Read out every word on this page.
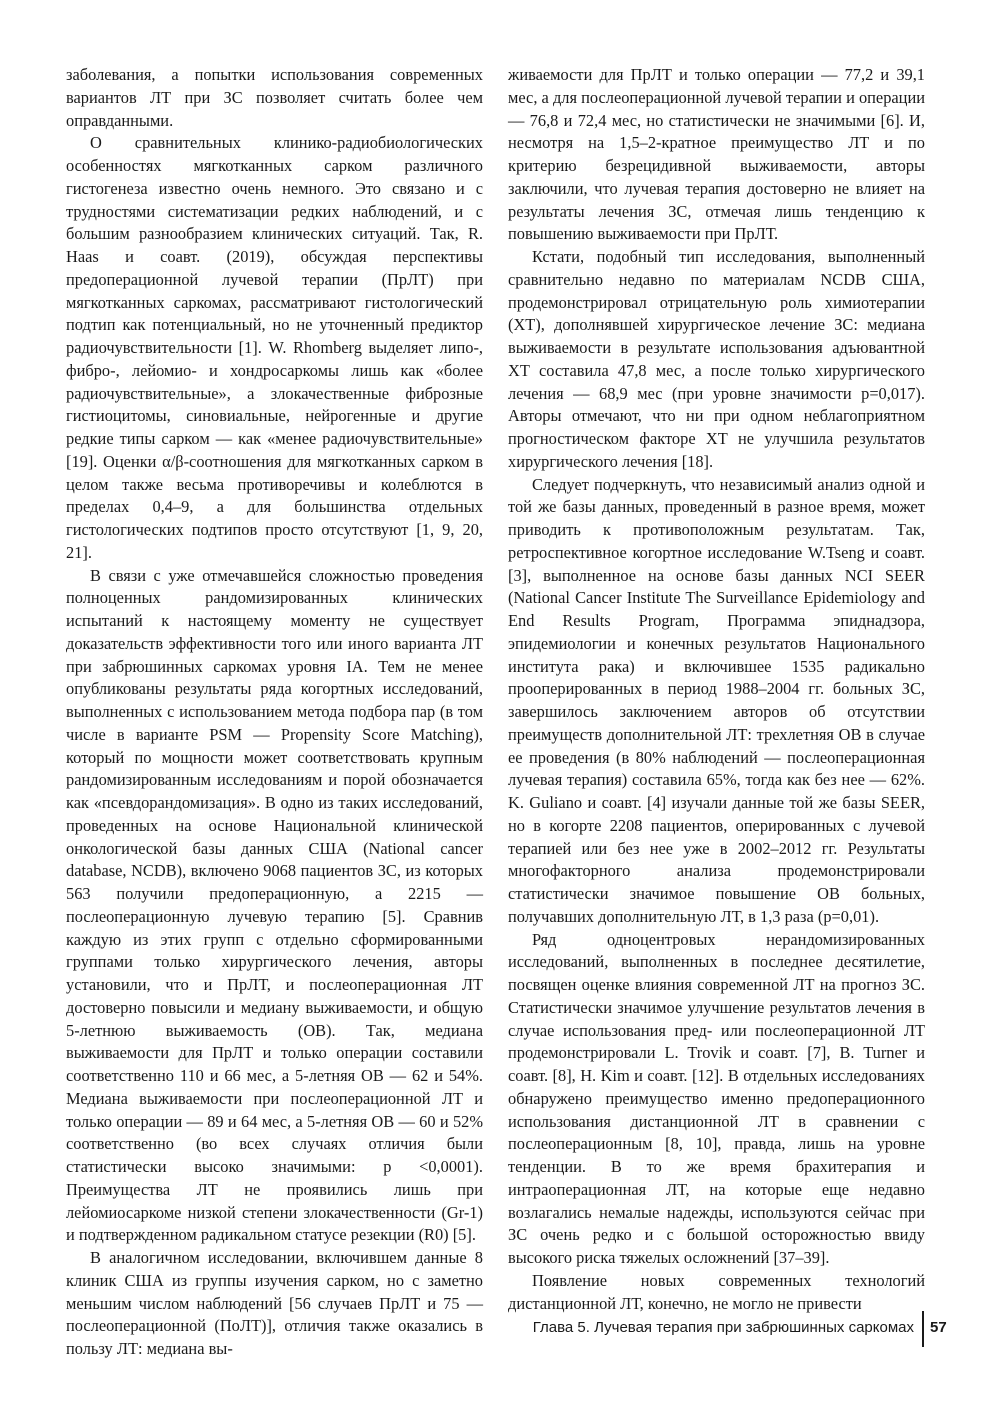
заболевания, а попытки использования современных вариантов ЛТ при ЗС позволяет считать более чем оправданными.

О сравнительных клинико-радиобиологических особенностях мягкотканных сарком различного гистогенеза известно очень немного. Это связано и с трудностями систематизации редких наблюдений, и с большим разнообразием клинических ситуаций. Так, R. Haas и соавт. (2019), обсуждая перспективы предоперационной лучевой терапии (ПрЛТ) при мягкотканных саркомах, рассматривают гистологический подтип как потенциальный, но не уточненный предиктор радиочувствительности [1]. W. Rhomberg выделяет липо-, фибро-, лейомио- и хондросаркомы лишь как «более радиочувствительные», а злокачественные фиброзные гистиоцитомы, синовиальные, нейрогенные и другие редкие типы сарком — как «менее радиочувствительные» [19]. Оценки α/β-соотношения для мягкотканных сарком в целом также весьма противоречивы и колеблются в пределах 0,4–9, а для большинства отдельных гистологических подтипов просто отсутствуют [1, 9, 20, 21].

В связи с уже отмечавшейся сложностью проведения полноценных рандомизированных клинических испытаний к настоящему моменту не существует доказательств эффективности того или иного варианта ЛТ при забрюшинных саркомах уровня IA. Тем не менее опубликованы результаты ряда когортных исследований, выполненных с использованием метода подбора пар (в том числе в варианте PSM — Propensity Score Matching), который по мощности может соответствовать крупным рандомизированным исследованиям и порой обозначается как «псевдорандомизация». В одно из таких исследований, проведенных на основе Национальной клинической онкологической базы данных США (National cancer database, NCDB), включено 9068 пациентов ЗС, из которых 563 получили предоперационную, а 2215 — послеоперационную лучевую терапию [5]. Сравнив каждую из этих групп с отдельно сформированными группами только хирургического лечения, авторы установили, что и ПрЛТ, и послеоперационная ЛТ достоверно повысили и медиану выживаемости, и общую 5-летнюю выживаемость (ОВ). Так, медиана выживаемости для ПрЛТ и только операции составили соответственно 110 и 66 мес, а 5-летняя ОВ — 62 и 54%. Медиана выживаемости при послеоперационной ЛТ и только операции — 89 и 64 мес, а 5-летняя ОВ — 60 и 52% соответственно (во всех случаях отличия были статистически высоко значимыми: p <0,0001). Преимущества ЛТ не проявились лишь при лейомиосаркоме низкой степени злокачественности (Gr-1) и подтвержденном радикальном статусе резекции (R0) [5].

В аналогичном исследовании, включившем данные 8 клиник США из группы изучения сарком, но с заметно меньшим числом наблюдений [56 случаев ПрЛТ и 75 — послеоперационной (ПоЛТ)], отличия также оказались в пользу ЛТ: медиана вы-

живаемости для ПрЛТ и только операции — 77,2 и 39,1 мес, а для послеоперационной лучевой терапии и операции — 76,8 и 72,4 мес, но статистически не значимыми [6]. И, несмотря на 1,5–2-кратное преимущество ЛТ и по критерию безрецидивной выживаемости, авторы заключили, что лучевая терапия достоверно не влияет на результаты лечения ЗС, отмечая лишь тенденцию к повышению выживаемости при ПрЛТ.

Кстати, подобный тип исследования, выполненный сравнительно недавно по материалам NCDB США, продемонстрировал отрицательную роль химиотерапии (ХТ), дополнявшей хирургическое лечение ЗС: медиана выживаемости в результате использования адъювантной ХТ составила 47,8 мес, а после только хирургического лечения — 68,9 мес (при уровне значимости p=0,017). Авторы отмечают, что ни при одном неблагоприятном прогностическом факторе ХТ не улучшила результатов хирургического лечения [18].

Следует подчеркнуть, что независимый анализ одной и той же базы данных, проведенный в разное время, может приводить к противоположным результатам. Так, ретроспективное когортное исследование W.Tseng и соавт. [3], выполненное на основе базы данных NCI SEER (National Cancer Institute The Surveillance Epidemiology and End Results Program, Программа эпиднадзора, эпидемиологии и конечных результатов Национального института рака) и включившее 1535 радикально прооперированных в период 1988–2004 гг. больных ЗС, завершилось заключением авторов об отсутствии преимуществ дополнительной ЛТ: трехлетняя ОВ в случае ее проведения (в 80% наблюдений — послеоперационная лучевая терапия) составила 65%, тогда как без нее — 62%. K. Guliano и соавт. [4] изучали данные той же базы SEER, но в когорте 2208 пациентов, оперированных с лучевой терапией или без нее уже в 2002–2012 гг. Результаты многофакторного анализа продемонстрировали статистически значимое повышение ОВ больных, получавших дополнительную ЛТ, в 1,3 раза (p=0,01).

Ряд одноцентровых нерандомизированных исследований, выполненных в последнее десятилетие, посвящен оценке влияния современной ЛТ на прогноз ЗС. Статистически значимое улучшение результатов лечения в случае использования пред- или послеоперационной ЛТ продемонстрировали L. Trovik и соавт. [7], B. Turner и соавт. [8], H. Kim и соавт. [12]. В отдельных исследованиях обнаружено преимущество именно предоперационного использования дистанционной ЛТ в сравнении с послеоперационным [8, 10], правда, лишь на уровне тенденции. В то же время брахитерапия и интраоперационная ЛТ, на которые еще недавно возлагались немалые надежды, используются сейчас при ЗС очень редко и с большой осторожностью ввиду высокого риска тяжелых осложнений [37–39].

Появление новых современных технологий дистанционной ЛТ, конечно, не могло не привести

Глава 5. Лучевая терапия при забрюшинных саркомах 57
